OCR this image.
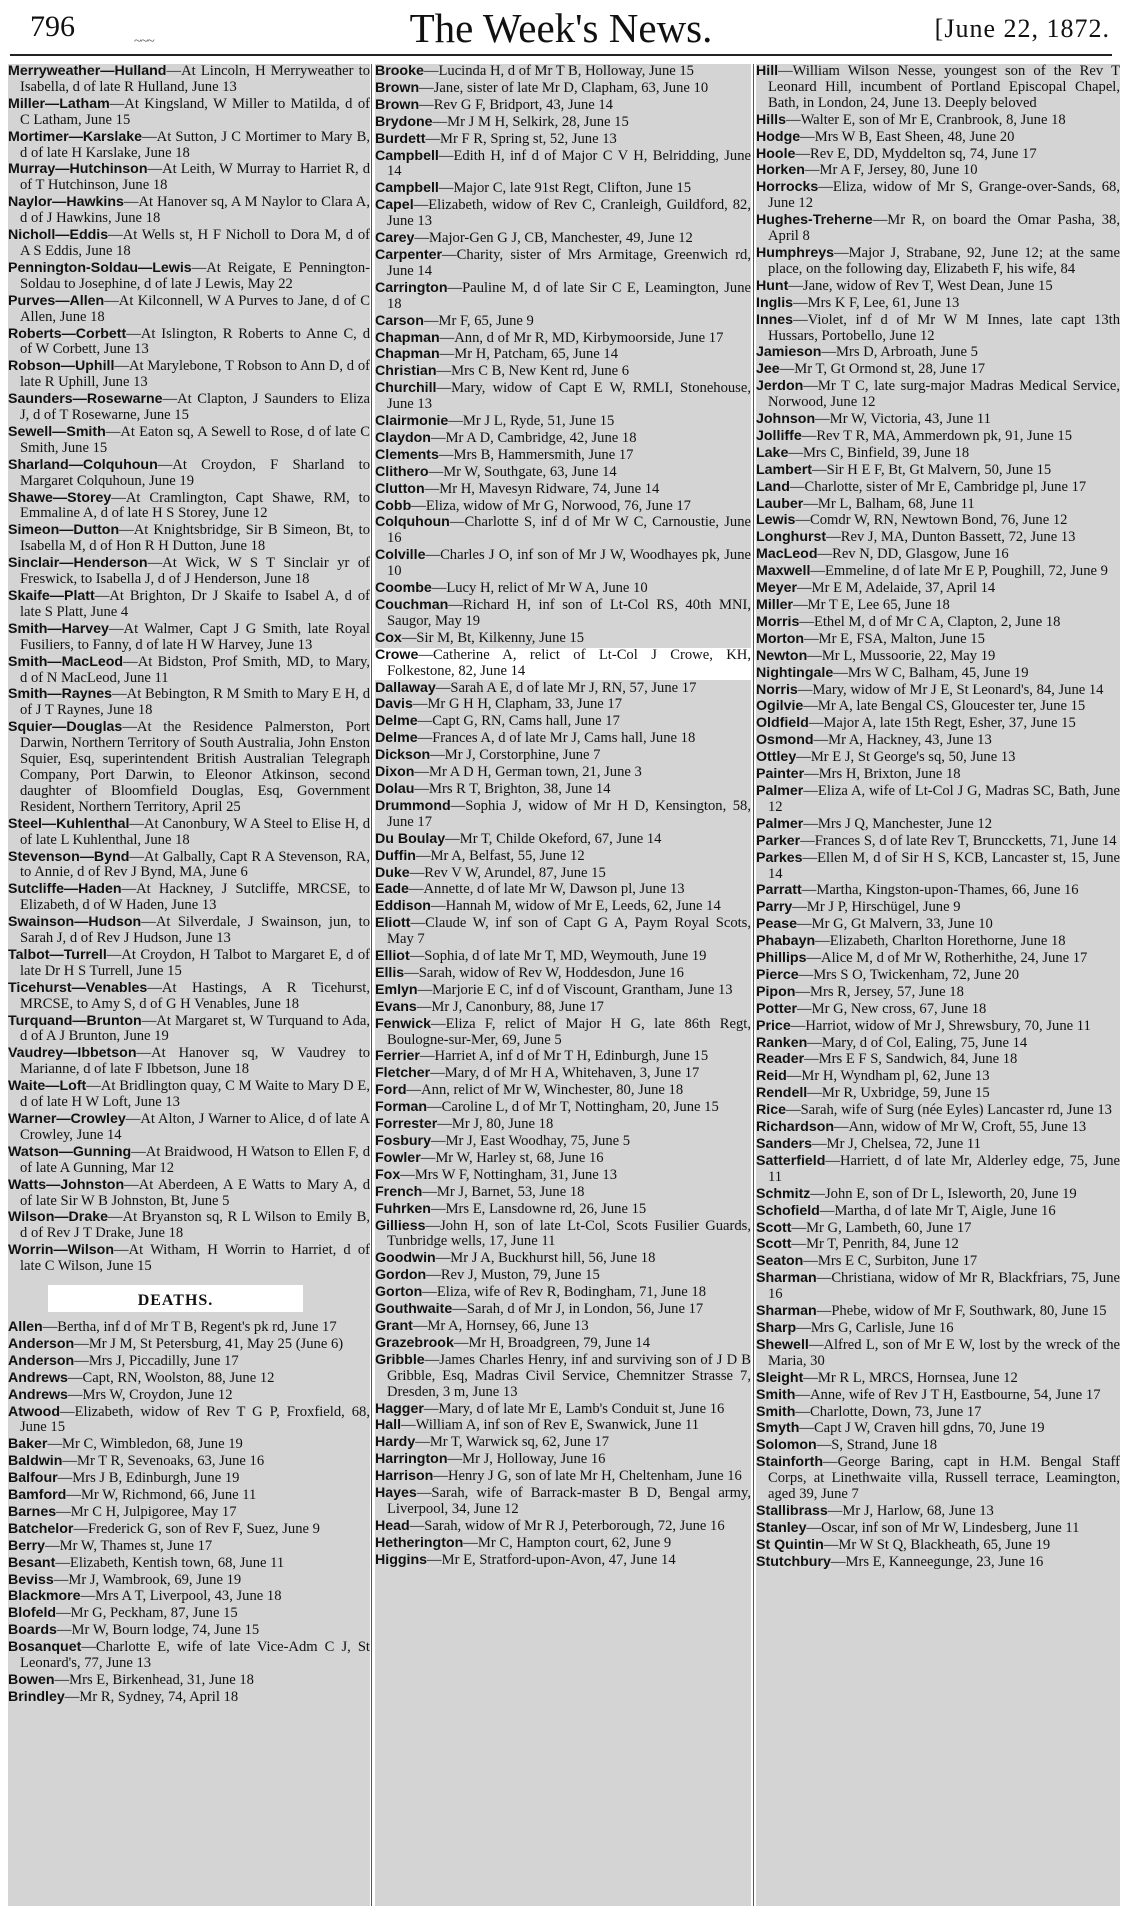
796	~~~	The Week's News.	[June 22, 1872.

Merryweather—Hulland—At Lincoln, H Merryweather to Isabella, d of late R Hulland, June 13

Miller—Latham—At Kingsland, W Miller to Matilda, d of C Latham, June 15

Mortimer—Karslake—At Sutton, J C Mortimer to Mary B, d of late H Karslake, June 18

Murray—Hutchinson—At Leith, W Murray to Harriet R, d of T Hutchinson, June 18

Naylor—Hawkins—At Hanover sq, A M Naylor to Clara A, d of J Hawkins, June 18

Nicholl—Eddis—At Wells st, H F Nicholl to Dora M, d of A S Eddis, June 18

Pennington-Soldau—Lewis—At Reigate, E Pennington-Soldau to Josephine, d of late J Lewis, May 22

Purves—Allen—At Kilconnell, W A Purves to Jane, d of C Allen, June 18

Roberts—Corbett—At Islington, R Roberts to Anne C, d of W Corbett, June 13

Robson—Uphill—At Marylebone, T Robson to Ann D, d of late R Uphill, June 13

Saunders—Rosewarne—At Clapton, J Saunders to Eliza J, d of T Rosewarne, June 15

Sewell—Smith—At Eaton sq, A Sewell to Rose, d of late C Smith, June 15

Sharland—Colquhoun—At Croydon, F Sharland to Margaret Colquhoun, June 19

Shawe—Storey—At Cramlington, Capt Shawe, RM, to Emmaline A, d of late H S Storey, June 12

Simeon—Dutton—At Knightsbridge, Sir B Simeon, Bt, to Isabella M, d of Hon R H Dutton, June 18

Sinclair—Henderson—At Wick, W S T Sinclair yr of Freswick, to Isabella J, d of J Henderson, June 18

Skaife—Platt—At Brighton, Dr J Skaife to Isabel A, d of late S Platt, June 4

Smith—Harvey—At Walmer, Capt J G Smith, late Royal Fusiliers, to Fanny, d of late H W Harvey, June 13

Smith—MacLeod—At Bidston, Prof Smith, MD, to Mary, d of N MacLeod, June 11

Smith—Raynes—At Bebington, R M Smith to Mary E H, d of J T Raynes, June 18

Squier—Douglas—At the Residence Palmerston, Port Darwin, Northern Territory of South Australia, John Enston Squier, Esq, superintendent British Australian Telegraph Company, Port Darwin, to Eleonor Atkinson, second daughter of Bloomfield Douglas, Esq, Government Resident, Northern Territory, April 25

Steel—Kuhlenthal—At Canonbury, W A Steel to Elise H, d of late L Kuhlenthal, June 18

Stevenson—Bynd—At Galbally, Capt R A Stevenson, RA, to Annie, d of Rev J Bynd, MA, June 6

Sutcliffe—Haden—At Hackney, J Sutcliffe, MRCSE, to Elizabeth, d of W Haden, June 13

Swainson—Hudson—At Silverdale, J Swainson, jun, to Sarah J, d of Rev J Hudson, June 13

Talbot—Turrell—At Croydon, H Talbot to Margaret E, d of late Dr H S Turrell, June 15

Ticehurst—Venables—At Hastings, A R Ticehurst, MRCSE, to Amy S, d of G H Venables, June 18

Turquand—Brunton—At Margaret st, W Turquand to Ada, d of A J Brunton, June 19

Vaudrey—Ibbetson—At Hanover sq, W Vaudrey to Marianne, d of late F Ibbetson, June 18

Waite—Loft—At Bridlington quay, C M Waite to Mary D E, d of late H W Loft, June 13

Warner—Crowley—At Alton, J Warner to Alice, d of late A Crowley, June 14

Watson—Gunning—At Braidwood, H Watson to Ellen F, d of late A Gunning, Mar 12

Watts—Johnston—At Aberdeen, A E Watts to Mary A, d of late Sir W B Johnston, Bt, June 5

Wilson—Drake—At Bryanston sq, R L Wilson to Emily B, d of Rev J T Drake, June 18

Worrin—Wilson—At Witham, H Worrin to Harriet, d of late C Wilson, June 15

DEATHS.

Allen—Bertha, inf d of Mr T B, Regent's pk rd, June 17

Anderson—Mr J M, St Petersburg, 41, May 25 (June 6)

Anderson—Mrs J, Piccadilly, June 17

Andrews—Capt, RN, Woolston, 88, June 12

Andrews—Mrs W, Croydon, June 12

Atwood—Elizabeth, widow of Rev T G P, Froxfield, 68, June 15

Baker—Mr C, Wimbledon, 68, June 19

Baldwin—Mr T R, Sevenoaks, 63, June 16

Balfour—Mrs J B, Edinburgh, June 19

Bamford—Mr W, Richmond, 66, June 11

Barnes—Mr C H, Julpigoree, May 17

Batchelor—Frederick G, son of Rev F, Suez, June 9

Berry—Mr W, Thames st, June 17

Besant—Elizabeth, Kentish town, 68, June 11

Beviss—Mr J, Wambrook, 69, June 19

Blackmore—Mrs A T, Liverpool, 43, June 18

Blofeld—Mr G, Peckham, 87, June 15

Boards—Mr W, Bourn lodge, 74, June 15

Bosanquet—Charlotte E, wife of late Vice-Adm C J, St Leonard's, 77, June 13

Bowen—Mrs E, Birkenhead, 31, June 18

Brindley—Mr R, Sydney, 74, April 18

Brooke—Lucinda H, d of Mr T B, Holloway, June 15

Brown—Jane, sister of late Mr D, Clapham, 63, June 10

Brown—Rev G F, Bridport, 43, June 14

Brydone—Mr J M H, Selkirk, 28, June 15

Burdett—Mr F R, Spring st, 52, June 13

Campbell—Edith H, inf d of Major C V H, Belridding, June 14

Campbell—Major C, late 91st Regt, Clifton, June 15

Capel—Elizabeth, widow of Rev C, Cranleigh, Guildford, 82, June 13

Carey—Major-Gen G J, CB, Manchester, 49, June 12

Carpenter—Charity, sister of Mrs Armitage, Greenwich rd, June 14

Carrington—Pauline M, d of late Sir C E, Leamington, June 18

Carson—Mr F, 65, June 9

Chapman—Ann, d of Mr R, MD, Kirbymoorside, June 17

Chapman—Mr H, Patcham, 65, June 14

Christian—Mrs C B, New Kent rd, June 6

Churchill—Mary, widow of Capt E W, RMLI, Stonehouse, June 13

Clairmonie—Mr J L, Ryde, 51, June 15

Claydon—Mr A D, Cambridge, 42, June 18

Clements—Mrs B, Hammersmith, June 17

Clithero—Mr W, Southgate, 63, June 14

Clutton—Mr H, Mavesyn Ridware, 74, June 14

Cobb—Eliza, widow of Mr G, Norwood, 76, June 17

Colquhoun—Charlotte S, inf d of Mr W C, Carnoustie, June 16

Colville—Charles J O, inf son of Mr J W, Woodhayes pk, June 10

Coombe—Lucy H, relict of Mr W A, June 10

Couchman—Richard H, inf son of Lt-Col RS, 40th MNI, Saugor, May 19

Cox—Sir M, Bt, Kilkenny, June 15

Crowe—Catherine A, relict of Lt-Col J Crowe, KH, Folkestone, 82, June 14

Dallaway—Sarah A E, d of late Mr J, RN, 57, June 17

Davis—Mr G H H, Clapham, 33, June 17

Delme—Capt G, RN, Cams hall, June 17

Delme—Frances A, d of late Mr J, Cams hall, June 18

Dickson—Mr J, Corstorphine, June 7

Dixon—Mr A D H, German town, 21, June 3

Dolau—Mrs R T, Brighton, 38, June 14

Drummond—Sophia J, widow of Mr H D, Kensington, 58, June 17

Du Boulay—Mr T, Childe Okeford, 67, June 14

Duffin—Mr A, Belfast, 55, June 12

Duke—Rev V W, Arundel, 87, June 15

Eade—Annette, d of late Mr W, Dawson pl, June 13

Eddison—Hannah M, widow of Mr E, Leeds, 62, June 14

Eliott—Claude W, inf son of Capt G A, Paym Royal Scots, May 7

Elliot—Sophia, d of late Mr T, MD, Weymouth, June 19

Ellis—Sarah, widow of Rev W, Hoddesdon, June 16

Emlyn—Marjorie E C, inf d of Viscount, Grantham, June 13

Evans—Mr J, Canonbury, 88, June 17

Fenwick—Eliza F, relict of Major H G, late 86th Regt, Boulogne-sur-Mer, 69, June 5

Ferrier—Harriet A, inf d of Mr T H, Edinburgh, June 15

Fletcher—Mary, d of Mr H A, Whitehaven, 3, June 17

Ford—Ann, relict of Mr W, Winchester, 80, June 18

Forman—Caroline L, d of Mr T, Nottingham, 20, June 15

Forrester—Mr J, 80, June 18

Fosbury—Mr J, East Woodhay, 75, June 5

Fowler—Mr W, Harley st, 68, June 16

Fox—Mrs W F, Nottingham, 31, June 13

French—Mr J, Barnet, 53, June 18

Fuhrken—Mrs E, Lansdowne rd, 26, June 15

Gilliess—John H, son of late Lt-Col, Scots Fusilier Guards, Tunbridge wells, 17, June 11

Goodwin—Mr J A, Buckhurst hill, 56, June 18

Gordon—Rev J, Muston, 79, June 15

Gorton—Eliza, wife of Rev R, Bodingham, 71, June 18

Gouthwaite—Sarah, d of Mr J, in London, 56, June 17

Grant—Mr A, Hornsey, 66, June 13

Grazebrook—Mr H, Broadgreen, 79, June 14

Gribble—James Charles Henry, inf and surviving son of J D B Gribble, Esq, Madras Civil Service, Chemnitzer Strasse 7, Dresden, 3 m, June 13

Hagger—Mary, d of late Mr E, Lamb's Conduit st, June 16

Hall—William A, inf son of Rev E, Swanwick, June 11

Hardy—Mr T, Warwick sq, 62, June 17

Harrington—Mr J, Holloway, June 16

Harrison—Henry J G, son of late Mr H, Cheltenham, June 16

Hayes—Sarah, wife of Barrack-master B D, Bengal army, Liverpool, 34, June 12

Head—Sarah, widow of Mr R J, Peterborough, 72, June 16

Hetherington—Mr C, Hampton court, 62, June 9

Higgins—Mr E, Stratford-upon-Avon, 47, June 14

Hill—William Wilson Nesse, youngest son of the Rev T Leonard Hill, incumbent of Portland Episcopal Chapel, Bath, in London, 24, June 13. Deeply beloved

Hills—Walter E, son of Mr E, Cranbrook, 8, June 18

Hodge—Mrs W B, East Sheen, 48, June 20

Hoole—Rev E, DD, Myddelton sq, 74, June 17

Horken—Mr A F, Jersey, 80, June 10

Horrocks—Eliza, widow of Mr S, Grange-over-Sands, 68, June 12

Hughes-Treherne—Mr R, on board the Omar Pasha, 38, April 8

Humphreys—Major J, Strabane, 92, June 12; at the same place, on the following day, Elizabeth F, his wife, 84

Hunt—Jane, widow of Rev T, West Dean, June 15

Inglis—Mrs K F, Lee, 61, June 13

Innes—Violet, inf d of Mr W M Innes, late capt 13th Hussars, Portobello, June 12

Jamieson—Mrs D, Arbroath, June 5

Jee—Mr T, Gt Ormond st, 28, June 17

Jerdon—Mr T C, late surg-major Madras Medical Service, Norwood, June 12

Johnson—Mr W, Victoria, 43, June 11

Jolliffe—Rev T R, MA, Ammerdown pk, 91, June 15

Lake—Mrs C, Binfield, 39, June 18

Lambert—Sir H E F, Bt, Gt Malvern, 50, June 15

Land—Charlotte, sister of Mr E, Cambridge pl, June 17

Lauber—Mr L, Balham, 68, June 11

Lewis—Comdr W, RN, Newtown Bond, 76, June 12

Longhurst—Rev J, MA, Dunton Bassett, 72, June 13

MacLeod—Rev N, DD, Glasgow, June 16

Maxwell—Emmeline, d of late Mr E P, Poughill, 72, June 9

Meyer—Mr E M, Adelaide, 37, April 14

Miller—Mr T E, Lee 65, June 18

Morris—Ethel M, d of Mr C A, Clapton, 2, June 18

Morton—Mr E, FSA, Malton, June 15

Newton—Mr L, Mussoorie, 22, May 19

Nightingale—Mrs W C, Balham, 45, June 19

Norris—Mary, widow of Mr J E, St Leonard's, 84, June 14

Ogilvie—Mr A, late Bengal CS, Gloucester ter, June 15

Oldfield—Major A, late 15th Regt, Esher, 37, June 15

Osmond—Mr A, Hackney, 43, June 13

Ottley—Mr E J, St George's sq, 50, June 13

Painter—Mrs H, Brixton, June 18

Palmer—Eliza A, wife of Lt-Col J G, Madras SC, Bath, June 12

Palmer—Mrs J Q, Manchester, June 12

Parker—Frances S, d of late Rev T, Brunccketts, 71, June 14

Parkes—Ellen M, d of Sir H S, KCB, Lancaster st, 15, June 14

Parratt—Martha, Kingston-upon-Thames, 66, June 16

Parry—Mr J P, Hirschügel, June 9

Pease—Mr G, Gt Malvern, 33, June 10

Phabayn—Elizabeth, Charlton Horethorne, June 18

Phillips—Alice M, d of Mr W, Rotherhithe, 24, June 17

Pierce—Mrs S O, Twickenham, 72, June 20

Pipon—Mrs R, Jersey, 57, June 18

Potter—Mr G, New cross, 67, June 18

Price—Harriot, widow of Mr J, Shrewsbury, 70, June 11

Ranken—Mary, d of Col, Ealing, 75, June 14

Reader—Mrs E F S, Sandwich, 84, June 18

Reid—Mr H, Wyndham pl, 62, June 13

Rendell—Mr R, Uxbridge, 59, June 15

Rice—Sarah, wife of Surg (née Eyles) Lancaster rd, June 13

Richardson—Ann, widow of Mr W, Croft, 55, June 13

Sanders—Mr J, Chelsea, 72, June 11

Satterfield—Harriett, d of late Mr, Alderley edge, 75, June 11

Schmitz—John E, son of Dr L, Isleworth, 20, June 19

Schofield—Martha, d of late Mr T, Aigle, June 16

Scott—Mr G, Lambeth, 60, June 17

Scott—Mr T, Penrith, 84, June 12

Seaton—Mrs E C, Surbiton, June 17

Sharman—Christiana, widow of Mr R, Blackfriars, 75, June 16

Sharman—Phebe, widow of Mr F, Southwark, 80, June 15

Sharp—Mrs G, Carlisle, June 16

Shewell—Alfred L, son of Mr E W, lost by the wreck of the Maria, 30

Sleight—Mr R L, MRCS, Hornsea, June 12

Smith—Anne, wife of Rev J T H, Eastbourne, 54, June 17

Smith—Charlotte, Down, 73, June 17

Smyth—Capt J W, Craven hill gdns, 70, June 19

Solomon—S, Strand, June 18

Stainforth—George Baring, capt in H.M. Bengal Staff Corps, at Linethwaite villa, Russell terrace, Leamington, aged 39, June 7

Stallibrass—Mr J, Harlow, 68, June 13

Stanley—Oscar, inf son of Mr W, Lindesberg, June 11

St Quintin—Mr W St Q, Blackheath, 65, June 19

Stutchbury—Mrs E, Kanneegunge, 23, June 16
